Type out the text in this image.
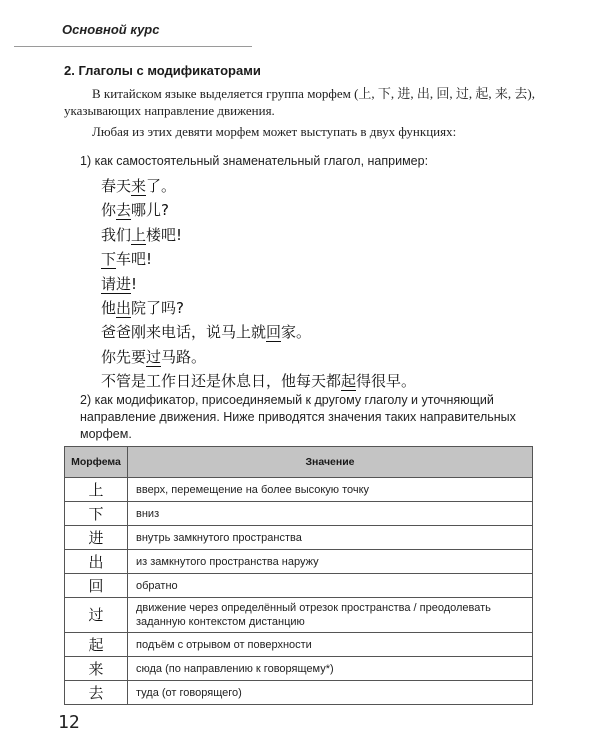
Основной курс
2. Глаголы с модификаторами
В китайском языке выделяется группа морфем (上, 下, 进, 出, 回, 过, 起, 来, 去), указывающих направление движения.
Любая из этих девяти морфем может выступать в двух функциях:
1) как самостоятельный знаменательный глагол, например:
春天来了。
你去哪儿?
我们上楼吧!
下车吧!
请进!
他出院了吗?
爸爸刚来电话，说马上就回家。
你先要过马路。
不管是工作日还是休息日，他每天都起得很早。
2) как модификатор, присоединяемый к другому глаголу и уточняющий направление движения. Ниже приводятся значения таких направительных морфем.
Морфема	Значение
上	вверх, перемещение на более высокую точку
下	вниз
进	внутрь замкнутого пространства
出	из замкнутого пространства наружу
回	обратно
过	движение через определённый отрезок пространства / преодолевать заданную контекстом дистанцию
起	подъём с отрывом от поверхности
来	сюда (по направлению к говорящему*)
去	туда (от говорящего)
12
